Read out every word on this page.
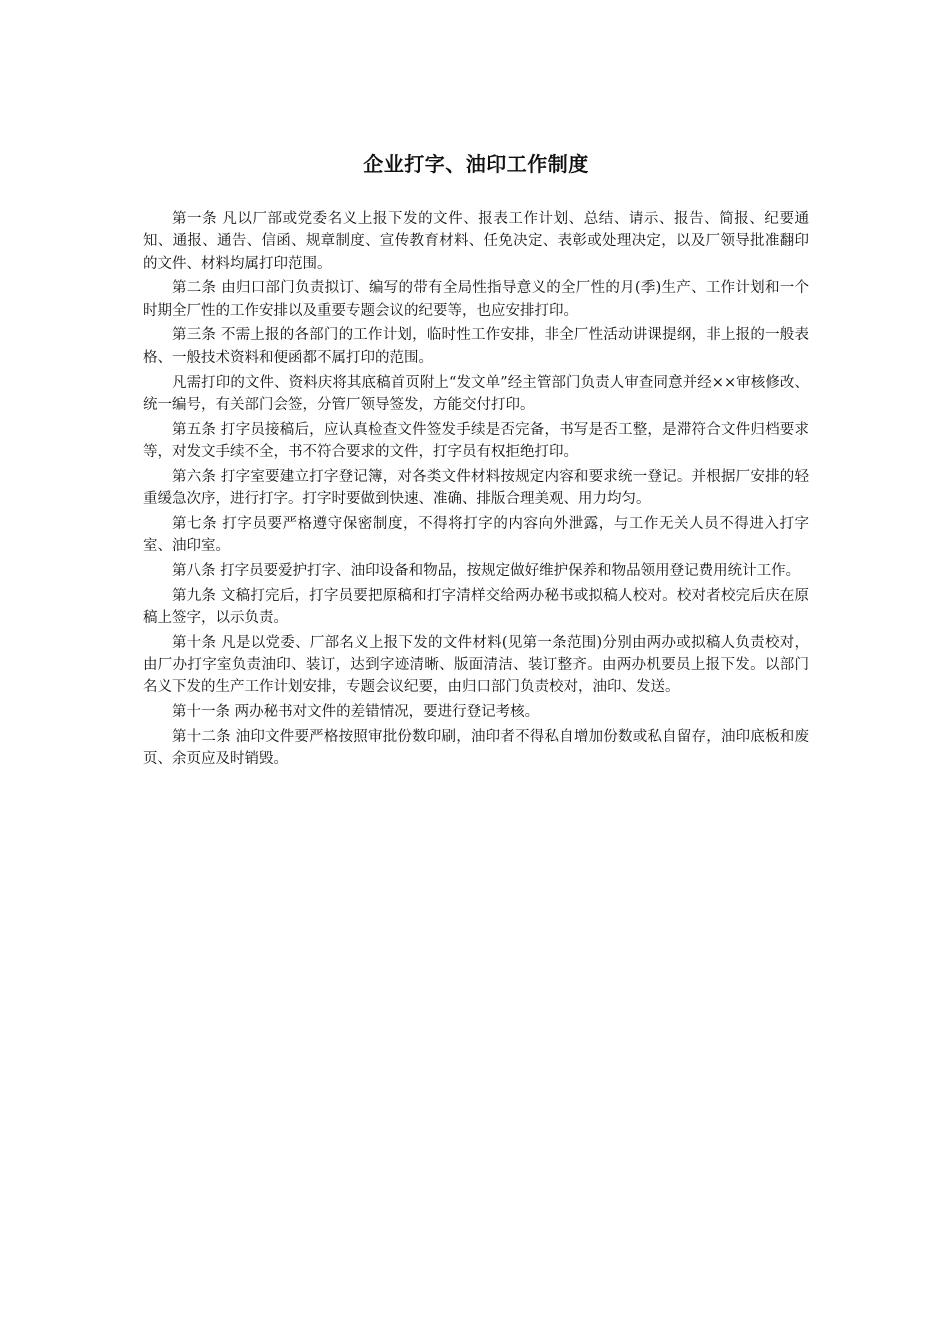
企业打字、油印工作制度

第一条 凡以厂部或党委名义上报下发的文件、报表工作计划、总结、请示、报告、简报、纪要通知、通报、通告、信函、规章制度、宣传教育材料、任免决定、表彰或处理决定，以及厂领导批准翻印的文件、材料均属打印范围。

第二条 由归口部门负责拟订、编写的带有全局性指导意义的全厂性的月(季)生产、工作计划和一个时期全厂性的工作安排以及重要专题会议的纪要等，也应安排打印。

第三条 不需上报的各部门的工作计划，临时性工作安排，非全厂性活动讲课提纲，非上报的一般表格、一般技术资料和便函都不属打印的范围。

凡需打印的文件、资料庆将其底稿首页附上“发文单”经主管部门负责人审查同意并经××审核修改、统一编号，有关部门会签，分管厂领导签发，方能交付打印。

第五条 打字员接稿后，应认真检查文件签发手续是否完备，书写是否工整，是滞符合文件归档要求等，对发文手续不全，书不符合要求的文件，打字员有权拒绝打印。

第六条 打字室要建立打字登记簿，对各类文件材料按规定内容和要求统一登记。并根据厂安排的轻重缓急次序，进行打字。打字时要做到快速、准确、排版合理美观、用力均匀。

第七条 打字员要严格遵守保密制度，不得将打字的内容向外泄露，与工作无关人员不得进入打字室、油印室。

第八条 打字员要爱护打字、油印设备和物品，按规定做好维护保养和物品领用登记费用统计工作。

第九条 文稿打完后，打字员要把原稿和打字清样交给两办秘书或拟稿人校对。校对者校完后庆在原稿上签字，以示负责。

第十条 凡是以党委、厂部名义上报下发的文件材料(见第一条范围)分别由两办或拟稿人负责校对，由厂办打字室负责油印、装订，达到字迹清晰、版面清洁、装订整齐。由两办机要员上报下发。以部门名义下发的生产工作计划安排，专题会议纪要，由归口部门负责校对，油印、发送。

第十一条 两办秘书对文件的差错情况，要进行登记考核。

第十二条 油印文件要严格按照审批份数印刷，油印者不得私自增加份数或私自留存，油印底板和废页、余页应及时销毁。
